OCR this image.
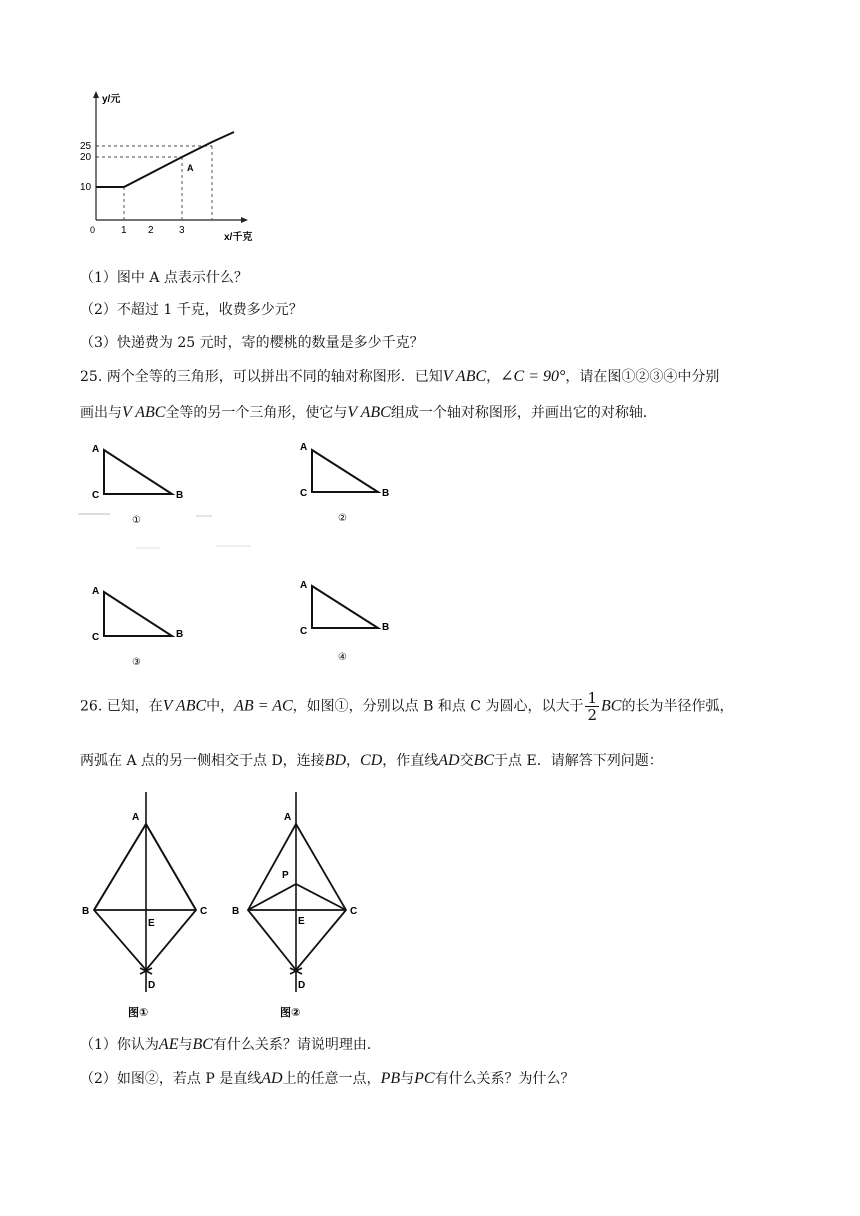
y/元
25
20
10
0	1 2	3
x/千克
A
（1）图中 A 点表示什么？
（2）不超过 1 千克，收费多少元？
（3）快递费为 25 元时，寄的樱桃的数量是多少千克？
25. 两个全等的三角形，可以拼出不同的轴对称图形．已知V ABC，∠C = 90°，请在图①②③④中分别
画出与V ABC全等的另一个三角形，使它与V ABC组成一个轴对称图形，并画出它的对称轴．
A
C	B
①
A
C	B
②
A
C	B
③
A
C	B
④
26. 已知，在V ABC中，AB = AC，如图①，分别以点 B 和点 C 为圆心，以大于 $\frac{1}{2}$ BC的长为半径作弧，
两弧在 A 点的另一侧相交于点 D，连接BD，CD，作直线AD交BC于点 E．请解答下列问题：
A
B	C
E
D
图①
A
P
B	C
E
D
图②
（1）你认为AE与BC有什么关系？请说明理由．
（2）如图②，若点 P 是直线AD上的任意一点，PB与PC有什么关系？为什么？
